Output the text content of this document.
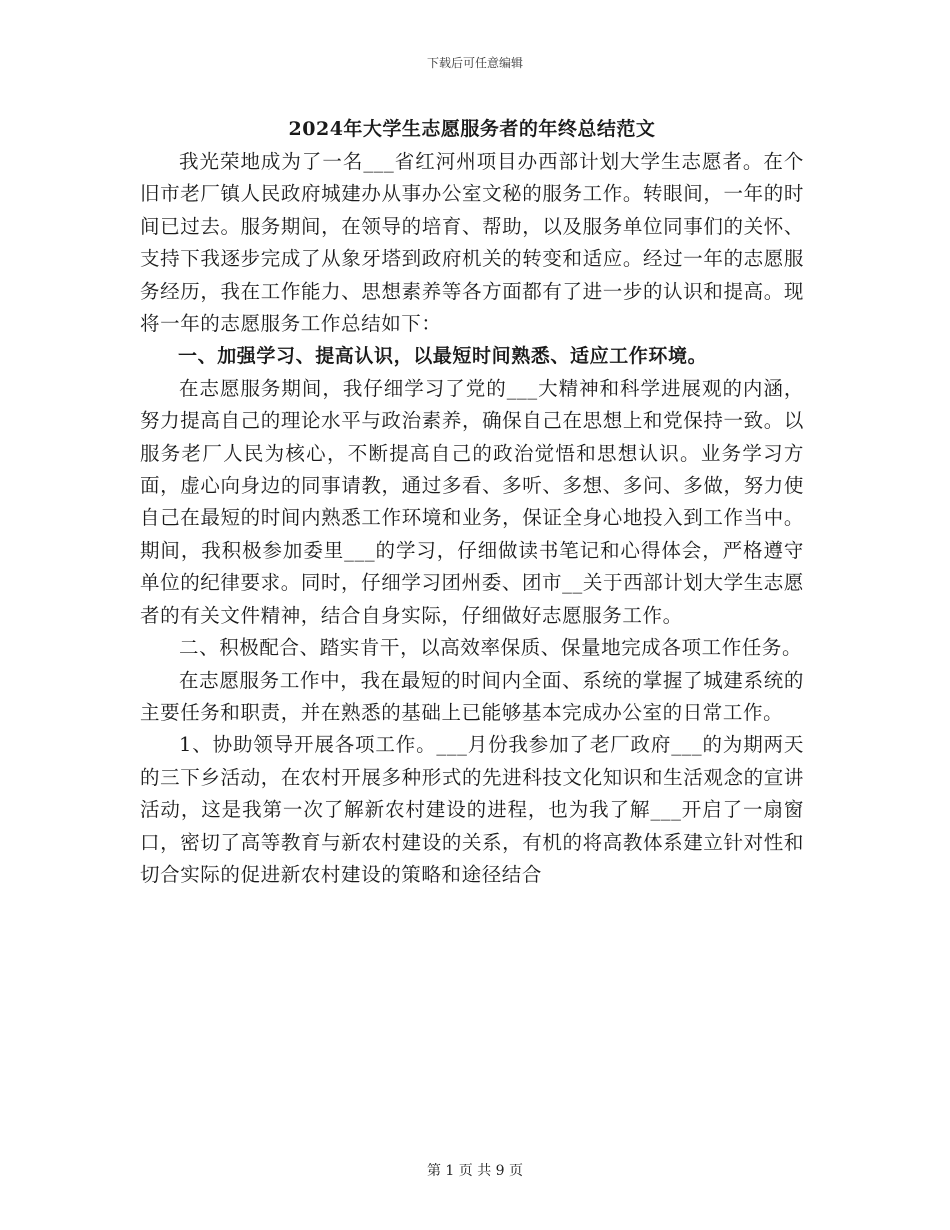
下载后可任意编辑
2024年大学生志愿服务者的年终总结范文

我光荣地成为了一名___省红河州项目办西部计划大学生志愿者。在个旧市老厂镇人民政府城建办从事办公室文秘的服务工作。转眼间，一年的时间已过去。服务期间，在领导的培育、帮助，以及服务单位同事们的关怀、支持下我逐步完成了从象牙塔到政府机关的转变和适应。经过一年的志愿服务经历，我在工作能力、思想素养等各方面都有了进一步的认识和提高。现将一年的志愿服务工作总结如下：

一、加强学习、提高认识，以最短时间熟悉、适应工作环境。

在志愿服务期间，我仔细学习了党的___大精神和科学进展观的内涵，努力提高自己的理论水平与政治素养，确保自己在思想上和党保持一致。以服务老厂人民为核心，不断提高自己的政治觉悟和思想认识。业务学习方面，虚心向身边的同事请教，通过多看、多听、多想、多问、多做，努力使自己在最短的时间内熟悉工作环境和业务，保证全身心地投入到工作当中。期间，我积极参加委里___的学习，仔细做读书笔记和心得体会，严格遵守单位的纪律要求。同时，仔细学习团州委、团市__关于西部计划大学生志愿者的有关文件精神，结合自身实际，仔细做好志愿服务工作。

二、积极配合、踏实肯干，以高效率保质、保量地完成各项工作任务。

在志愿服务工作中，我在最短的时间内全面、系统的掌握了城建系统的主要任务和职责，并在熟悉的基础上已能够基本完成办公室的日常工作。

1、协助领导开展各项工作。___月份我参加了老厂政府___的为期两天的三下乡活动，在农村开展多种形式的先进科技文化知识和生活观念的宣讲活动，这是我第一次了解新农村建设的进程，也为我了解___开启了一扇窗口，密切了高等教育与新农村建设的关系，有机的将高教体系建立针对性和切合实际的促进新农村建设的策略和途径结合

第 1 页 共 9 页
